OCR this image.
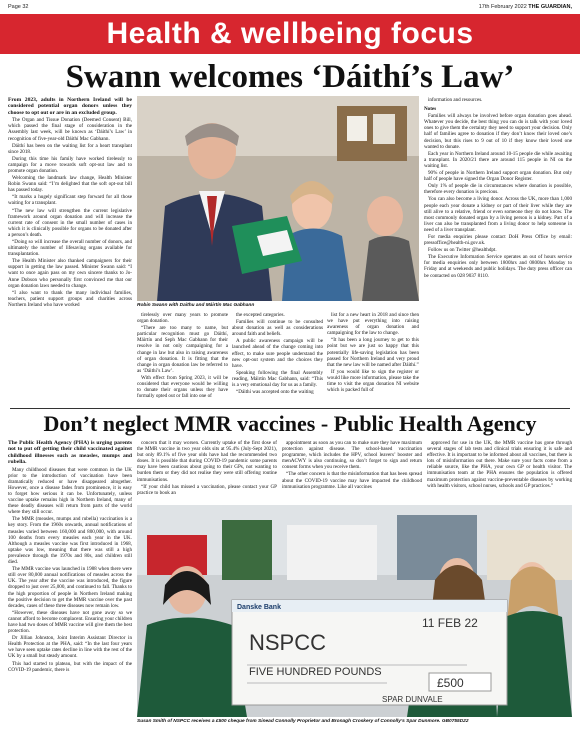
Page 32	17th February 2022 THE GUARDIAN,
Health & wellbeing focus
Swann welcomes ‘Dáithí’s Law’
Robin Swann with Daithu and Máirtín Mac Gabhann

From 2023, adults in Northern Ireland will be considered potential organ donors unless they choose to opt out or are in an excluded group.

The Organ and Tissue Donation (Deemed Consent) Bill, which passed the final stage of consideration in the Assembly last week, will be known as ‘Dáithí’s Law’ in recognition of five-year-old Dáithí Mac Gabhann.

Dáithí has been on the waiting list for a heart transplant since 2018.

During this time his family have worked tirelessly to campaign for a move towards soft opt-out law and to promote organ donation.

Welcoming the landmark law change, Health Minister Robin Swann said: “I’m delighted that the soft opt-out bill has passed today.

“It marks a hugely significant step forward for all those waiting for a transplant.

“The new law will strengthen the current legislative framework around organ donation and will increase the current rate of consent in the small number of cases in which it is clinically possible for organs to be donated after a person’s death.

“Doing so will increase the overall number of donors, and ultimately the number of lifesaving organs available for transplantation.

The Health Minister also thanked campaigners for their support in getting the law passed. Minister Swann said: “I want to once again pass on my own sincere thanks to Jo-Anne Dobson who personally first convinced me that our organ donation laws needed to change.

“I also want to thank the many individual families, teachers, patient support groups and charities across Northern Ireland who have worked

tirelessly over many years to promote organ donation.

“There are too many to name, but particular recognition must go Dáithí, Máirtín and Seph Mac Gabhann for their resolve in not only campaigning for a change in law but also in raising awareness of organ donation. It is fitting that the change in organ donation law be referred to as ‘Dáithí’s Law’.

With effect from Spring 2023, it will be considered that everyone would be willing to donate their organs unless they have formally opted out or fall into one of

the excepted categories.

Families will continue to be consulted about donation as well as considerations around faith and beliefs.

A public awareness campaign will be launched ahead of the change coming into effect, to make sure people understand the new opt-out system and the choices they have.

Speaking following the final Assembly reading, Máirtín Mac Gabhann, said: “This is a very emotional day for us as a family.

“Dáithí was accepted onto the waiting

list for a new heart in 2018 and since then we have put everything into raising awareness of organ donation and campaigning for the law to change.

“It has been a long journey to get to this point but we are just so happy that this potentially life-saving legislation has been passed for Northern Ireland and very proud that the new law will be named after Dáithí.”

If you would like to sign the register or would like more information, please take the time to visit the organ donation NI website which is packed full of

information and resources.

Notes

Families will always be involved before organ donation goes ahead. Whatever you decide, the best thing you can do is talk with your loved ones to give them the certainty they need to support your decision. Only half of families agree to donation if they don’t know their loved one’s decision, but this rises to 9 out of 10 if they know their loved one wanted to donate.

Each year in Northern Ireland around 10-15 people die while awaiting a transplant. In 2020/21 there are around 115 people in NI on the waiting list.

90% of people in Northern Ireland support organ donation. But only half of people have signed the Organ Donor Register.

Only 1% of people die in circumstances where donation is possible, therefore every donation is precious.

You can also become a living donor. Across the UK, more than 1,000 people each year donate a kidney or part of their liver while they are still alive to a relative, friend or even someone they do not know. The most commonly donated organ by a living person is a kidney. Part of a liver can also be transplanted from a living donor to help someone in need of a liver transplant.

For media enquiries please contact DoH Press Office by email: pressoffice@health-ni.gov.uk.

Follow us on Twitter @healthdpt.

The Executive Information Service operates an out of hours service for media enquiries only between 1800hrs and 0800hrs Monday to Friday and at weekends and public holidays. The duty press officer can be contacted on 028 9037 8110.

Don’t neglect MMR vaccines - Public Health Agency

The Public Health Agency (PHA) is urging parents not to put off getting their child vaccinated against childhood illnesses such as measles, mumps and rubella.

Many childhood diseases that were common in the UK prior to the introduction of vaccination have been dramatically reduced or have disappeared altogether. However, once a disease fades from prominence, it is easy to forget how serious it can be. Unfortunately, unless vaccine uptake remains high in Northern Ireland, many of these deadly diseases will return from parts of the world where they still occur.

The MMR (measles, mumps and rubella) vaccination is a key story. From the 1960s onwards, annual notifications of measles varied between 160,000 and 800,000, with around 100 deaths from every measles each year in the UK. Although a measles vaccine was first introduced in 1968, uptake was low, meaning that there was still a high prevalence through the 1970s and 80s, and children still died.

The MMR vaccine was launched in 1988 when there were still over 80,000 annual notifications of measles across the UK. The year after the vaccine was introduced, the figure dropped to just over 25,000, and continued to fall. Thanks to the high proportion of people in Northern Ireland making the positive decision to get the MMR vaccine over the past decades, cases of these three diseases now remain low.

“However, these diseases have not gone away so we cannot afford to become complacent. Ensuring your children have had two doses of MMR vaccine will give them the best protection.

Dr Jillian Johnston, Joint Interim Assistant Director in Health Protection at the PHA, said: “In the last four years we have seen uptake rates decline in line with the rest of the UK by a small but steady amount.

This had started to plateau, but with the impact of the COVID-19 pandemic, there is

concern that it may worsen. Currently uptake of the first dose of the MMR vaccine in two year olds sits at 95.4% (July-Sept 2021), but only 89.1% of five year olds have had the recommended two doses. It is possible that during COVID-19 pandemic some parents may have been cautious about going to their GPs, not wanting to burden them or they did not realise they were still offering routine immunisations.

“If your child has missed a vaccination, please contact your GP practice to book an

appointment as soon as you can to make sure they have maximum protection against disease. The school-based vaccination programme, which includes the HPV, school leavers’ booster and menACWY is also continuing, so don’t forget to sign and return consent forms when you receive them.

“The other concern is that the misinformation that has been spread about the COVID-19 vaccine may have impacted the childhood immunisation programme. Like all vaccines

approved for use in the UK, the MMR vaccine has gone through several stages of lab tests and clinical trials ensuring it is safe and effective. It is important to be informed about all vaccines, but there is lots of misinformation out there. Make sure your facts come from a reliable source, like the PHA, your own GP or health visitor. The immunisation team at the PHA ensures the population is offered maximum protection against vaccine-preventable diseases by working with health visitors, school nurses, schools and GP practices.”

Danske Bank
NSPCC
FIVE HUNDRED POUNDS
11 FEB 22
£500
SPAR DUNVALE
Susan Smith of NSPCC receives a £500 cheque from Sinead Connolly Proprietor and Bronagh Croskery of Connolly’s Spar Dunmore. GB0755D22
